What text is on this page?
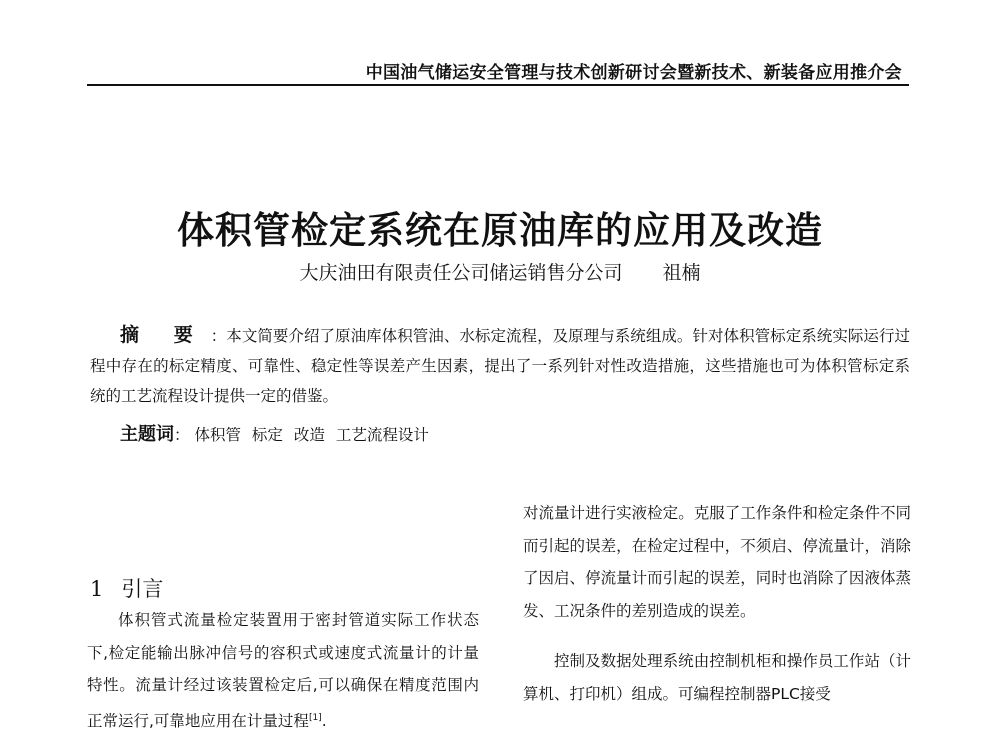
中国油气储运安全管理与技术创新研讨会暨新技术、新装备应用推介会
体积管检定系统在原油库的应用及改造
大庆油田有限责任公司储运销售分公司 祖楠
摘 要 ：本文简要介绍了原油库体积管油、水标定流程，及原理与系统组成。针对体积管标定系统实际运行过程中存在的标定精度、可靠性、稳定性等误差产生因素，提出了一系列针对性改造措施，这些措施也可为体积管标定系统的工艺流程设计提供一定的借鉴。
主题词： 体积管 标定 改造 工艺流程设计
1 引言

体积管式流量检定装置用于密封管道实际工作状态下,检定能输出脉冲信号的容积式或速度式流量计的计量特性。流量计经过该装置检定后,可以确保在精度范围内正常运行,可靠地应用在计量过程[1].

对流量计进行实液检定。克服了工作条件和检定条件不同而引起的误差，在检定过程中，不须启、停流量计，消除了因启、停流量计而引起的误差，同时也消除了因液体蒸发、工况条件的差别造成的误差。

控制及数据处理系统由控制机柜和操作员工作站（计算机、打印机）组成。可编程控制器PLC接受
